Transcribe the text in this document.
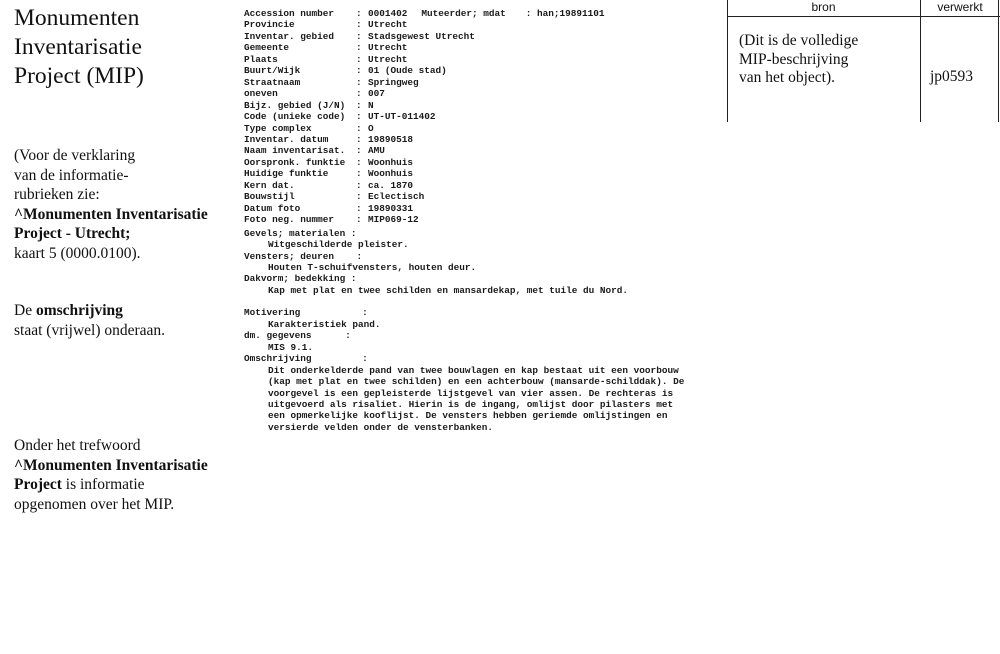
Monumenten
Inventarisatie
Project (MIP)
(Voor de verklaring
van de informatie-
rubrieken zie:
^Monumenten Inventarisatie
Project - Utrecht;
kaart 5 (0000.0100).
De omschrijving
staat (vrijwel) onderaan.
Onder het trefwoord
^Monumenten Inventarisatie
Project is informatie
opgenomen over het MIP.
Accession number	: 0001402 Muteerder; mdat : han;19891101
Provincie	: Utrecht
Inventar. gebied	: Stadsgewest Utrecht
Gemeente	: Utrecht
Plaats	: Utrecht
Buurt/Wijk	: 01 (Oude stad)
Straatnaam	: Springweg
oneven	: 007
Bijz. gebied (J/N)	: N
Code (unieke code)	: UT-UT-011402
Type complex	: O
Inventar. datum	: 19890518
Naam inventarisat.	: AMU
Oorspronk. funktie	: Woonhuis
Huidige funktie	: Woonhuis
Kern dat.	: ca. 1870
Bouwstijl	: Eclectisch
Datum foto	: 19890331
Foto neg. nummer	: MIP069-12
Gevels; materialen :
Witgeschilderde pleister.
Vensters; deuren    :
Houten T-schuifvensters, houten deur.
Dakvorm; bedekking :
Kap met plat en twee schilden en mansardekap, met tuile du Nord.
Motivering           :
Karakteristiek pand.
dm. gegevens      :
MIS 9.1.
Omschrijving         :
Dit onderkelderde pand van twee bouwlagen en kap bestaat uit een voorbouw
(kap met plat en twee schilden) en een achterbouw (mansarde-schilddak). De
voorgevel is een gepleisterde lijstgevel van vier assen. De rechteras is
uitgevoerd als risaliet. Hierin is de ingang, omlijst door pilasters met
een opmerkelijke kooflijst. De vensters hebben geriemde omlijstingen en
versierde velden onder de vensterbanken.
bron	verwerkt
(Dit is de volledige
MIP-beschrijving
van het object).	jp0593
